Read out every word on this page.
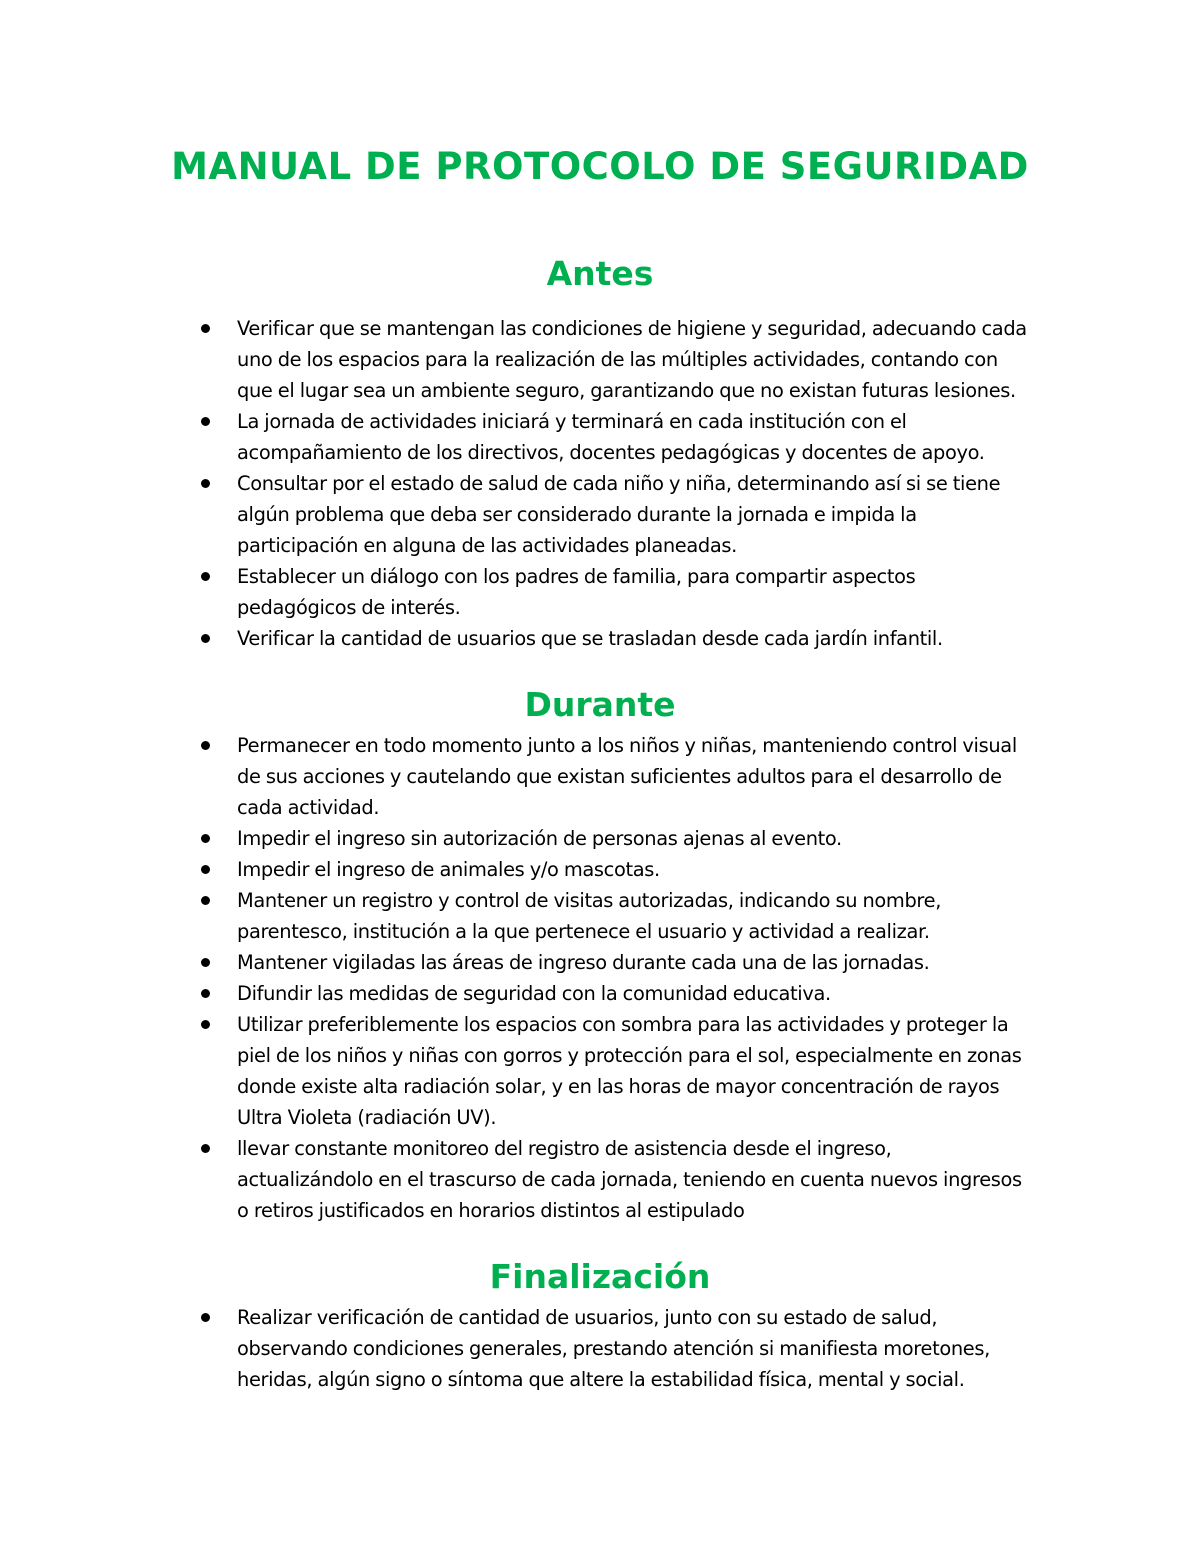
MANUAL DE PROTOCOLO DE SEGURIDAD
Antes
Verificar que se mantengan las condiciones de higiene y seguridad, adecuando cada uno de los espacios para la realización de las múltiples actividades, contando con que el lugar sea un ambiente seguro, garantizando que no existan futuras lesiones.
La jornada de actividades iniciará y terminará en cada institución con el acompañamiento de los directivos, docentes pedagógicas y docentes de apoyo.
Consultar por el estado de salud de cada niño y niña, determinando así si se tiene algún problema que deba ser considerado durante la jornada e impida la participación en alguna de las actividades planeadas.
Establecer un diálogo con los padres de familia, para compartir aspectos pedagógicos de interés.
Verificar la cantidad de usuarios que se trasladan desde cada jardín infantil.
Durante
Permanecer en todo momento junto a los niños y niñas, manteniendo control visual de sus acciones y cautelando que existan suficientes adultos para el desarrollo de cada actividad.
Impedir el ingreso sin autorización de personas ajenas al evento.
Impedir el ingreso de animales y/o mascotas.
Mantener un registro y control de visitas autorizadas, indicando su nombre, parentesco, institución a la que pertenece el usuario y actividad a realizar.
Mantener vigiladas las áreas de ingreso durante cada una de las jornadas.
Difundir las medidas de seguridad con la comunidad educativa.
Utilizar preferiblemente los espacios con sombra para las actividades y proteger la piel de los niños y niñas con gorros y protección para el sol, especialmente en zonas donde existe alta radiación solar, y en las horas de mayor concentración de rayos Ultra Violeta (radiación UV).
llevar constante monitoreo del registro de asistencia desde el ingreso, actualizándolo en el trascurso de cada jornada, teniendo en cuenta nuevos ingresos o retiros justificados en horarios distintos al estipulado
Finalización
Realizar verificación de cantidad de usuarios, junto con su estado de salud, observando condiciones generales, prestando atención si manifiesta moretones, heridas, algún signo o síntoma que altere la estabilidad física, mental y social.
